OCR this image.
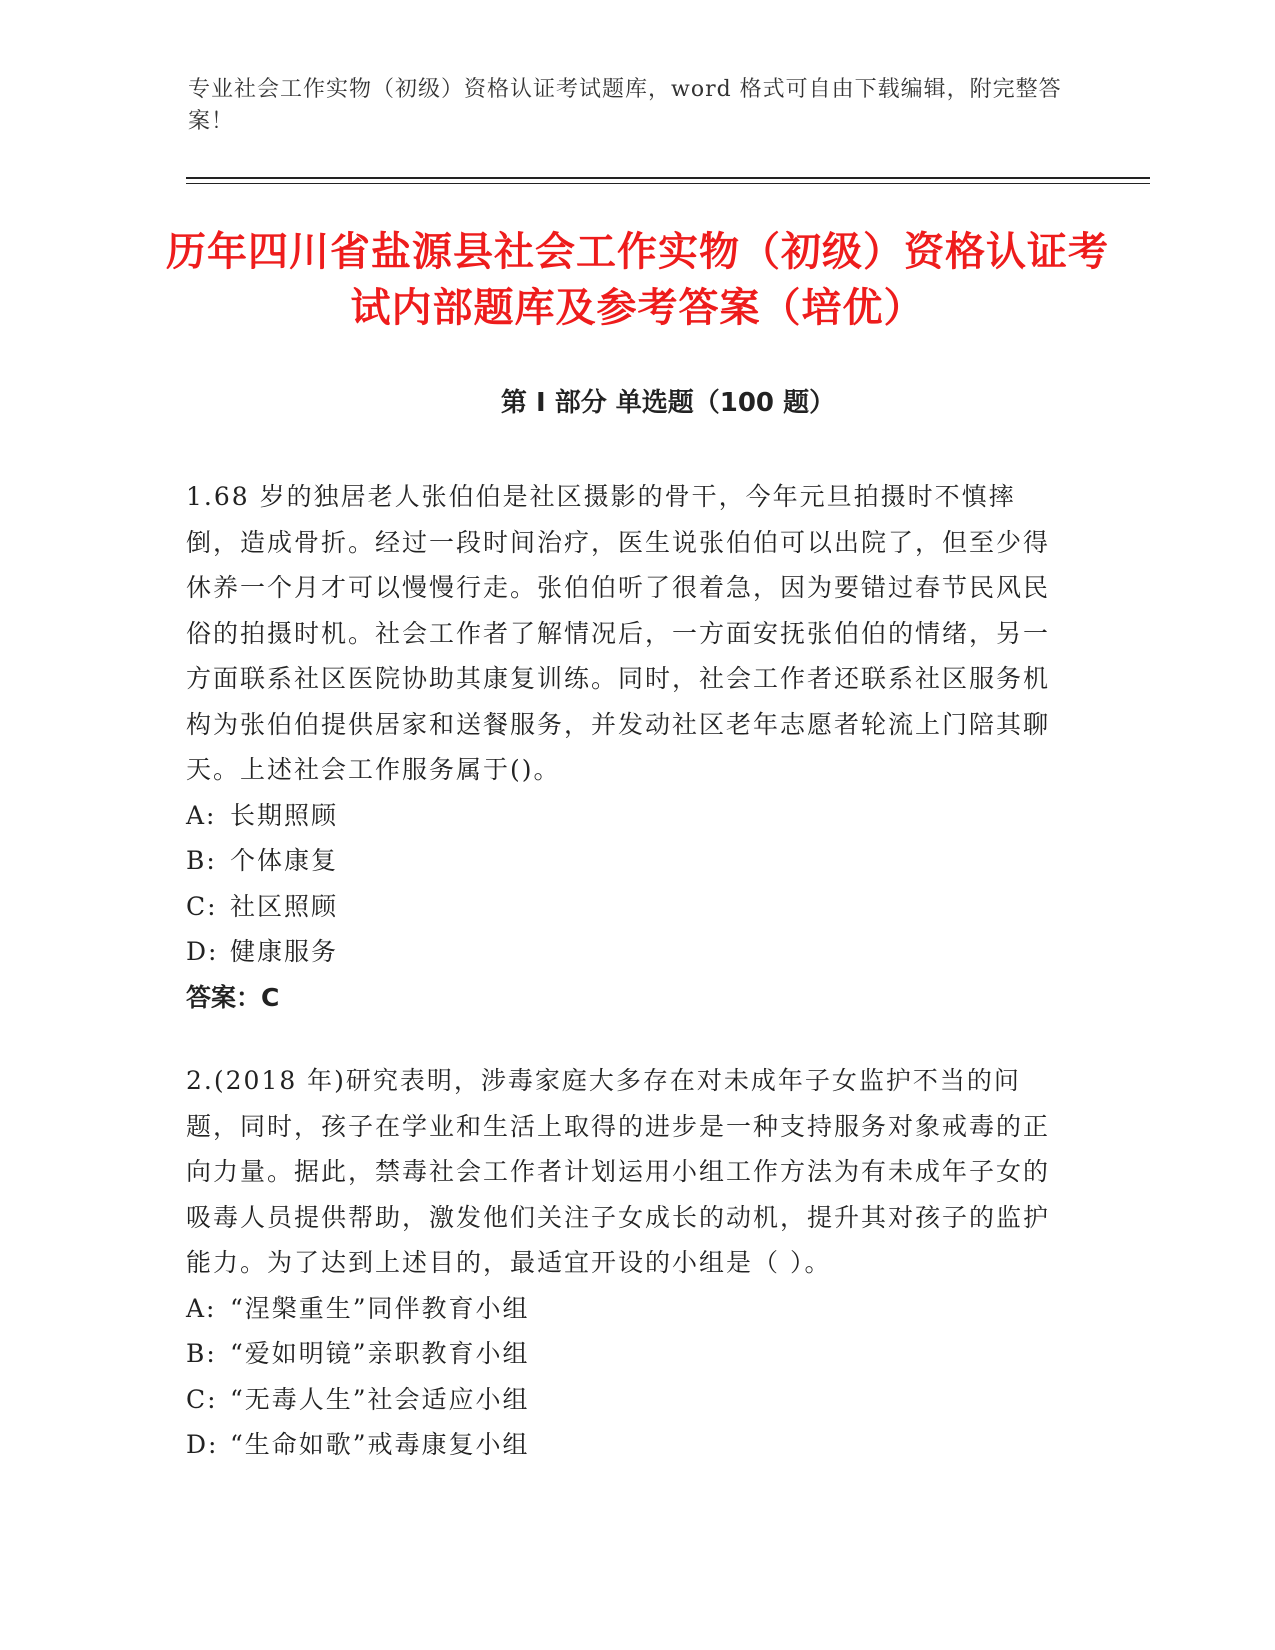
专业社会工作实物（初级）资格认证考试题库，word 格式可自由下载编辑，附完整答案！
历年四川省盐源县社会工作实物（初级）资格认证考试内部题库及参考答案（培优）
第 I 部分 单选题（100 题）

1.68 岁的独居老人张伯伯是社区摄影的骨干，今年元旦拍摄时不慎摔倒，造成骨折。经过一段时间治疗，医生说张伯伯可以出院了，但至少得休养一个月才可以慢慢行走。张伯伯听了很着急，因为要错过春节民风民俗的拍摄时机。社会工作者了解情况后，一方面安抚张伯伯的情绪，另一方面联系社区医院协助其康复训练。同时，社会工作者还联系社区服务机构为张伯伯提供居家和送餐服务，并发动社区老年志愿者轮流上门陪其聊天。上述社会工作服务属于()。

A: 长期照顾

B: 个体康复

C: 社区照顾

D: 健康服务

答案：C

2.(2018 年)研究表明，涉毒家庭大多存在对未成年子女监护不当的问题，同时，孩子在学业和生活上取得的进步是一种支持服务对象戒毒的正向力量。据此，禁毒社会工作者计划运用小组工作方法为有未成年子女的吸毒人员提供帮助，激发他们关注子女成长的动机，提升其对孩子的监护能力。为了达到上述目的，最适宜开设的小组是（ ）。

A: “涅槃重生”同伴教育小组

B: “爱如明镜”亲职教育小组

C: “无毒人生”社会适应小组

D: “生命如歌”戒毒康复小组
